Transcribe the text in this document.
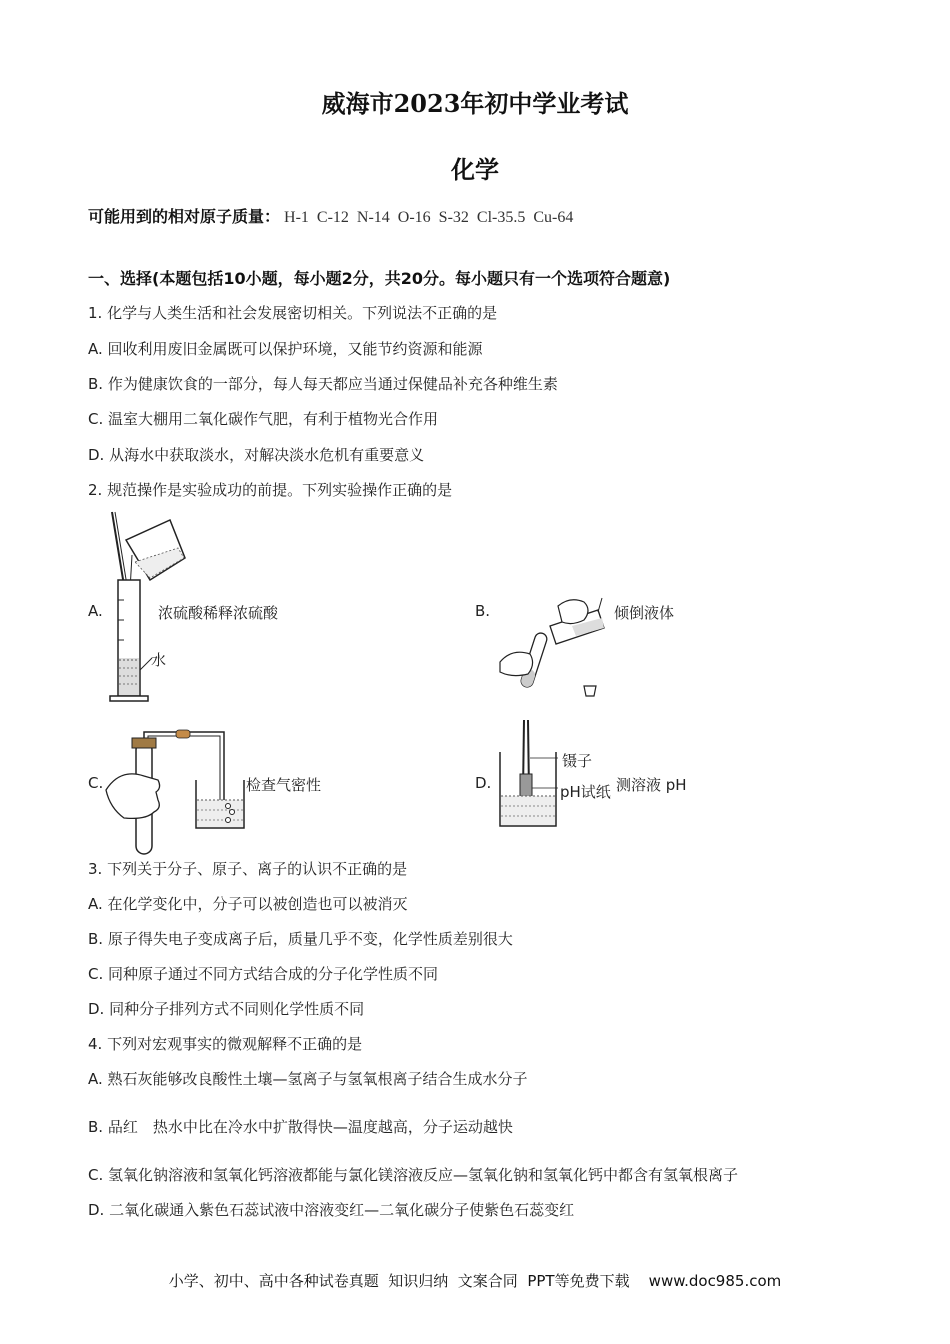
威海市2023年初中学业考试
化学
可能用到的相对原子质量： H-1  C-12  N-14  O-16  S-32  Cl-35.5  Cu-64
一、选择(本题包括10小题，每小题2分，共20分。每小题只有一个选项符合题意)
1. 化学与人类生活和社会发展密切相关。下列说法不正确的是
A. 回收利用废旧金属既可以保护环境，又能节约资源和能源
B. 作为健康饮食的一部分，每人每天都应当通过保健品补充各种维生素
C. 温室大棚用二氧化碳作气肥，有利于植物光合作用
D. 从海水中获取淡水，对解决淡水危机有重要意义
2. 规范操作是实验成功的前提。下列实验操作正确的是
A.	浓硫酸稀释浓硫酸
水
B.	倾倒液体
C.	检查气密性	D.
镊子
pH试纸 测溶液 pH
3. 下列关于分子、原子、离子的认识不正确的是
A. 在化学变化中，分子可以被创造也可以被消灭
B. 原子得失电子变成离子后，质量几乎不变，化学性质差别很大
C. 同种原子通过不同方式结合成的分子化学性质不同
D. 同种分子排列方式不同则化学性质不同
4. 下列对宏观事实的微观解释不正确的是
A. 熟石灰能够改良酸性土壤—氢离子与氢氧根离子结合生成水分子
B. 品红　热水中比在冷水中扩散得快—温度越高，分子运动越快
C. 氢氧化钠溶液和氢氧化钙溶液都能与氯化镁溶液反应—氢氧化钠和氢氧化钙中都含有氢氧根离子
D. 二氧化碳通入紫色石蕊试液中溶液变红—二氧化碳分子使紫色石蕊变红
小学、初中、高中各种试卷真题  知识归纳  文案合同  PPT等免费下载    www.doc985.com
